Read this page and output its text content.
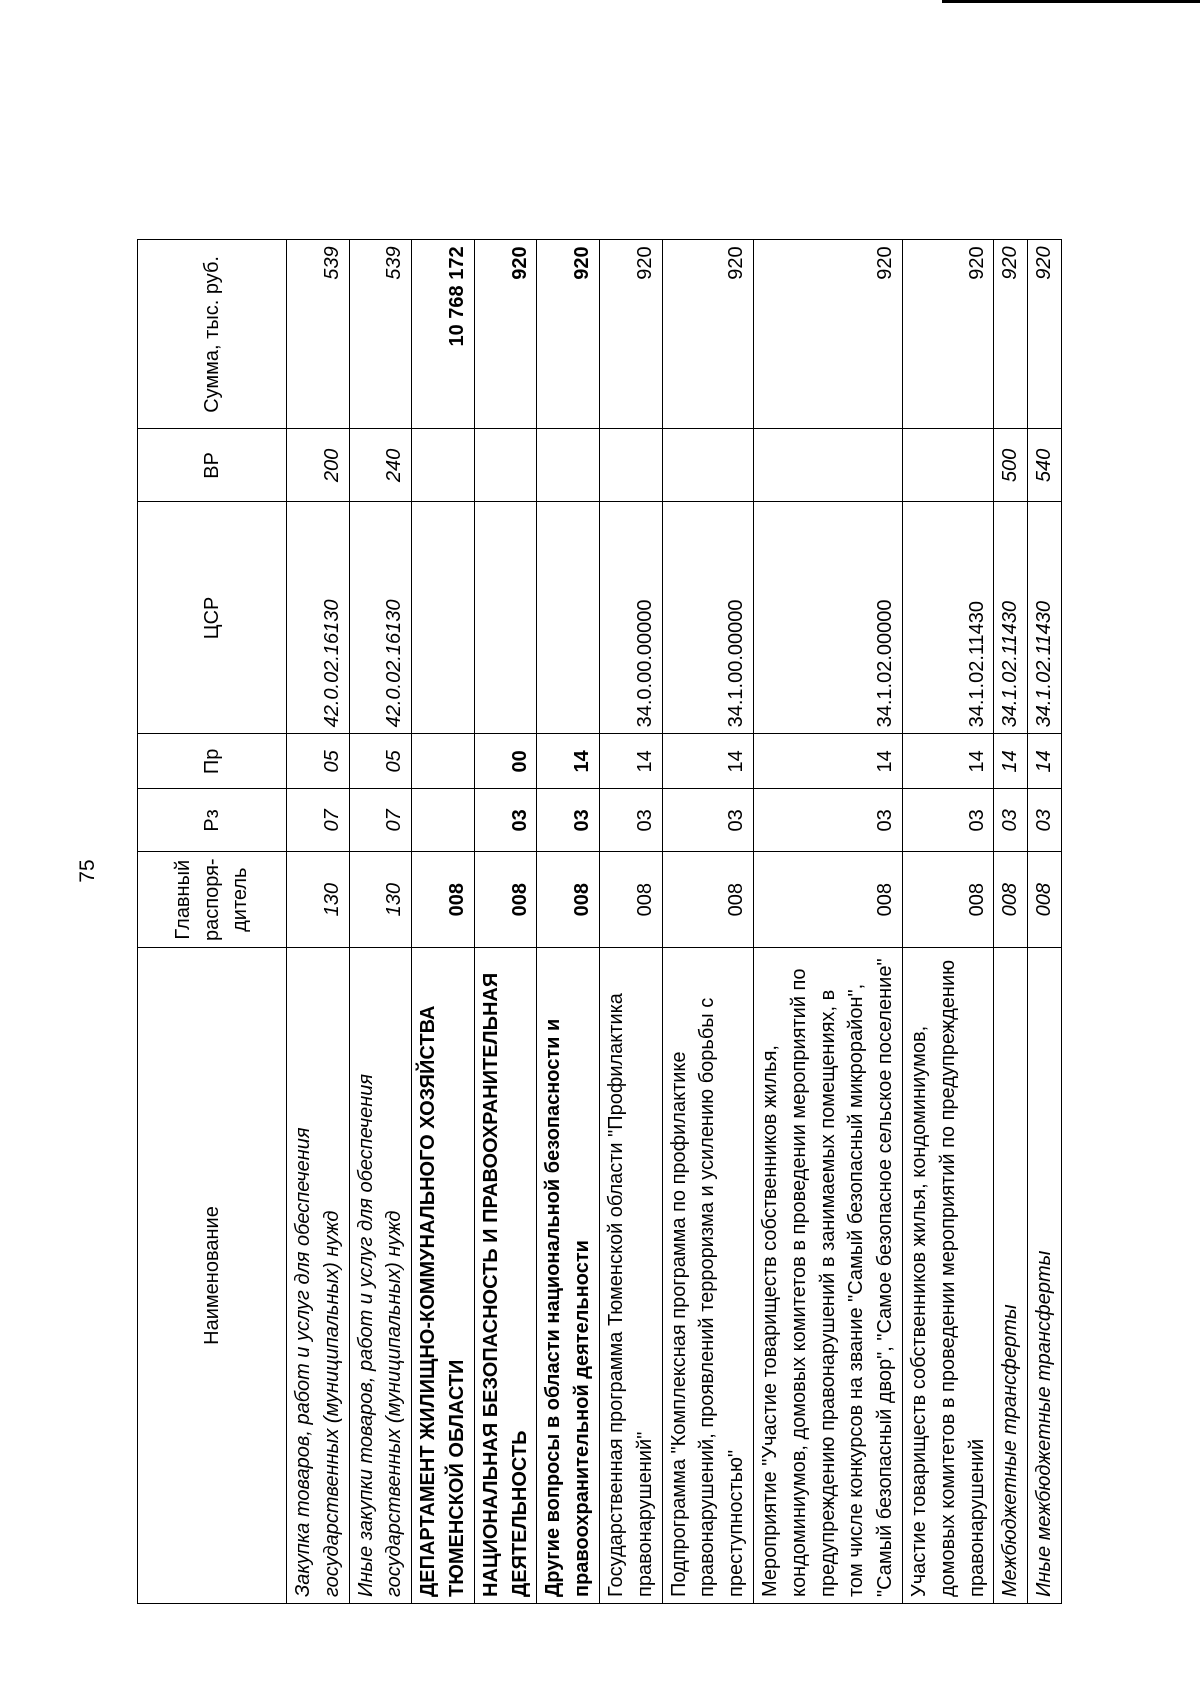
75
Наименование	Главный распоря-дитель	Рз	Пр	ЦСР	ВР	Сумма, тыс. руб.
Закупка товаров, работ и услуг для обеспечения государственных (муниципальных) нужд	130	07	05	42.0.02.16130	200	539
Иные закупки товаров, работ и услуг для обеспечения государственных (муниципальных) нужд	130	07	05	42.0.02.16130	240	539
ДЕПАРТАМЕНТ ЖИЛИЩНО-КОММУНАЛЬНОГО ХОЗЯЙСТВА ТЮМЕНСКОЙ ОБЛАСТИ	008					10 768 172
НАЦИОНАЛЬНАЯ БЕЗОПАСНОСТЬ И ПРАВООХРАНИТЕЛЬНАЯ ДЕЯТЕЛЬНОСТЬ	008	03	00			920
Другие вопросы в области национальной безопасности и правоохранительной деятельности	008	03	14			920
Государственная программа Тюменской области "Профилактика правонарушений"	008	03	14	34.0.00.00000		920
Подпрограмма "Комплексная программа по профилактике правонарушений, проявлений терроризма и усилению борьбы с преступностью"	008	03	14	34.1.00.00000		920
Мероприятие "Участие товариществ собственников жилья, кондоминиумов, домовых комитетов в проведении мероприятий по предупреждению правонарушений в занимаемых помещениях, в том числе конкурсов на звание "Самый безопасный микрорайон", "Самый безопасный двор", "Самое безопасное сельское поселение"	008	03	14	34.1.02.00000		920
Участие товариществ собственников жилья, кондоминиумов, домовых комитетов в проведении мероприятий по предупреждению правонарушений	008	03	14	34.1.02.11430		920
Межбюджетные трансферты	008	03	14	34.1.02.11430	500	920
Иные межбюджетные трансферты	008	03	14	34.1.02.11430	540	920
